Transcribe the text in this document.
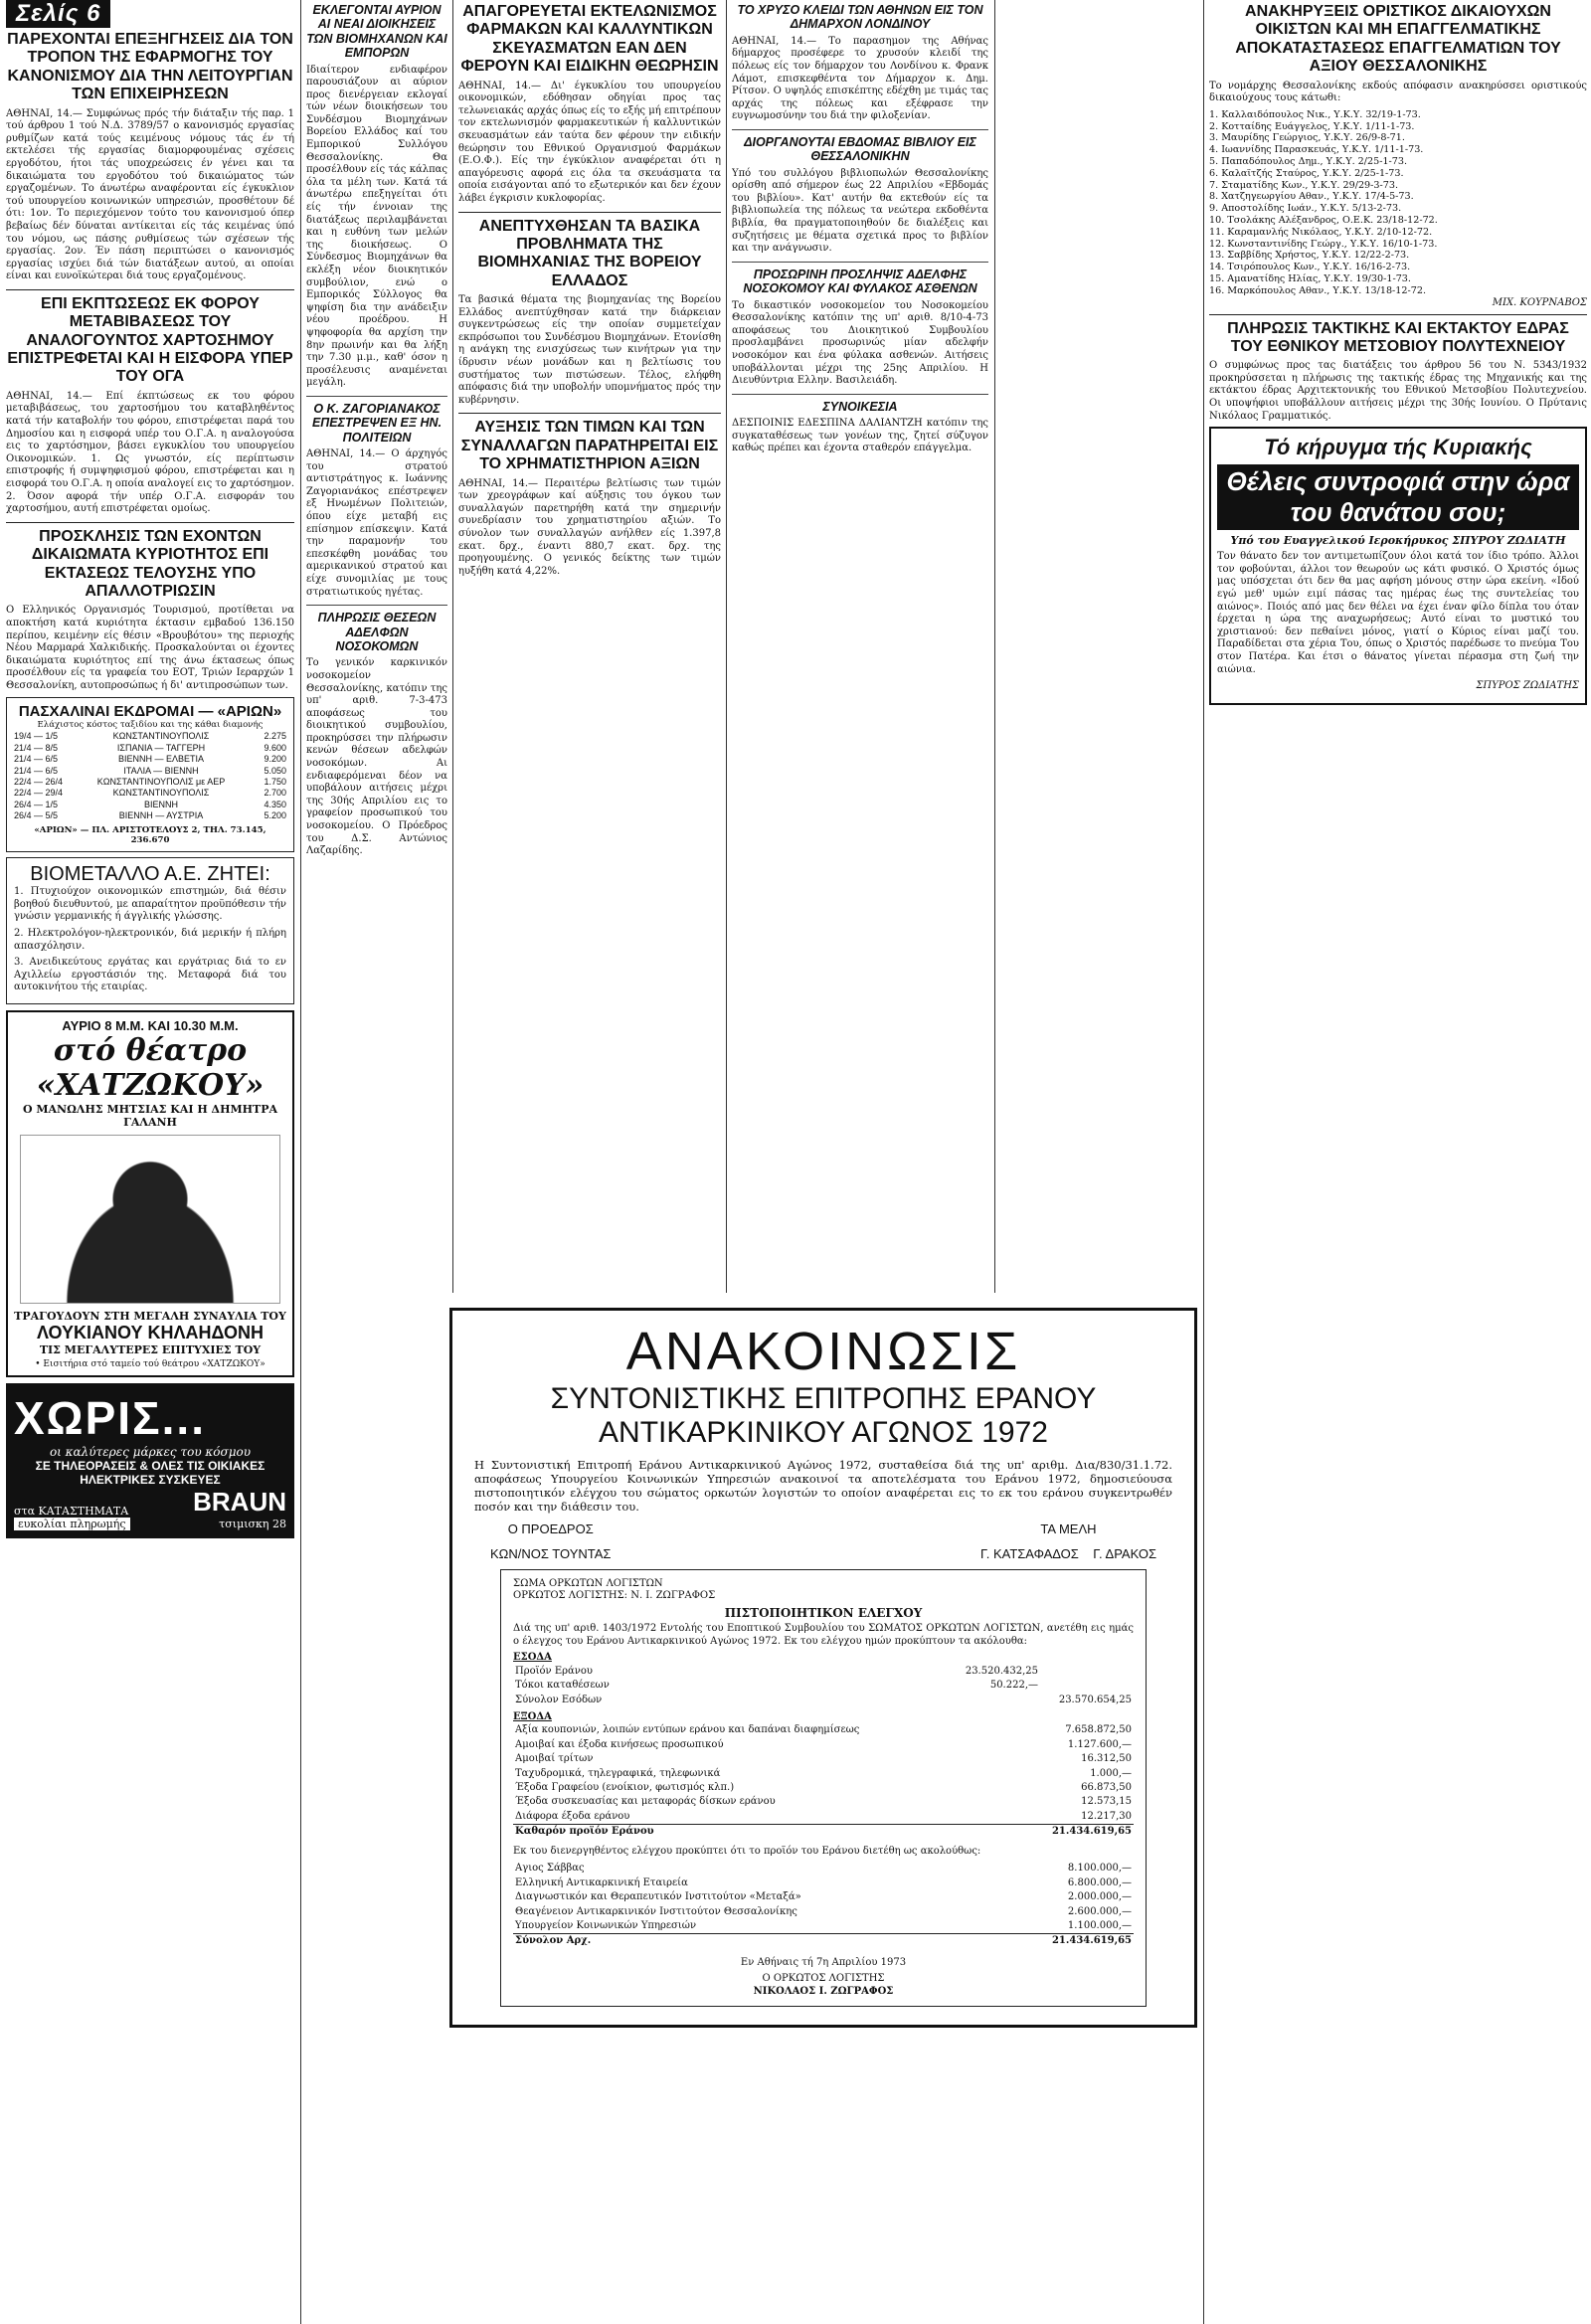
Σελίς 6
ΠΑΡΕΧΟΝΤΑΙ ΕΠΕΞΗΓΗΣΕΙΣ ΔΙΑ ΤΟΝ ΤΡΟΠΟΝ ΤΗΣ ΕΦΑΡΜΟΓΗΣ ΤΟΥ ΚΑΝΟΝΙΣΜΟΥ ΔΙΑ ΤΗΝ ΛΕΙΤΟΥΡΓΙΑΝ ΤΩΝ ΕΠΙΧΕΙΡΗΣΕΩΝ

ΑΘΗΝΑΙ, 14.— Συμφώνως πρός τήν διάταξιν τής παρ. 1 τού άρθρου 1 τού Ν.Δ. 3789/57 ο κανονισμός εργασίας ρυθμίζων κατά τούς κειμένους νόμους τάς έν τή εκτελέσει τής εργασίας διαμορφουμένας σχέσεις εργοδότου, ήτοι τάς υποχρεώσεις έν γένει και τα δικαιώματα του εργοδότου τού δικαιώματος τών εργαζομένων. Το άνωτέρω αναφέρονται είς έγκυκλιον τού υπουργείου κοινωνικών υπηρεσιών, προσθέτουν δέ ότι: 1ον. Το περιεχόμενον τούτο του κανονισμού όπερ βεβαίως δέν δύναται αντίκειται είς τάς κειμένας ύπό του νόμου, ως πάσης ρυθμίσεως τών σχέσεων τής εργασίας. 2ον. Έν πάση περιπτώσει ο κανονισμός εργασίας ισχύει διά τών διατάξεων αυτού, αι οποίαι είναι και ευνοϊκώτεραι διά τους εργαζομένους.

ΕΠΙ ΕΚΠΤΩΣΕΩΣ ΕΚ ΦΟΡΟΥ ΜΕΤΑΒΙΒΑΣΕΩΣ ΤΟΥ ΑΝΑΛΟΓΟΥΝΤΟΣ ΧΑΡΤΟΣΗΜΟΥ ΕΠΙΣΤΡΕΦΕΤΑΙ ΚΑΙ Η ΕΙΣΦΟΡΑ ΥΠΕΡ ΤΟΥ ΟΓΑ

ΑΘΗΝΑΙ, 14.— Επί έκπτώσεως εκ του φόρου μεταβιβάσεως, του χαρτοσήμου του καταβληθέντος κατά τήν καταβολήν του φόρου, επιστρέφεται παρά του Δημοσίου και η εισφορά υπέρ του Ο.Γ.Α. η αναλογούσα εις το χαρτόσημον, βάσει εγκυκλίου του υπουργείου Οικονομικών. 1. Ως γνωστόν, είς περίπτωσιν επιστροφής ή συμψηφισμού φόρου, επιστρέφεται και η εισφορά του Ο.Γ.Α. η οποία αναλογεί εις το χαρτόσημον. 2. Όσον αφορά τήν υπέρ Ο.Γ.Α. εισφοράν του χαρτοσήμου, αυτή επιστρέφεται ομοίως.

ΠΡΟΣΚΛΗΣΙΣ ΤΩΝ ΕΧΟΝΤΩΝ ΔΙΚΑΙΩΜΑΤΑ ΚΥΡΙΟΤΗΤΟΣ ΕΠΙ ΕΚΤΑΣΕΩΣ ΤΕΛΟΥΣΗΣ ΥΠΟ ΑΠΑΛΛΟΤΡΙΩΣΙΝ

Ο Ελληνικός Οργανισμός Τουρισμού, προτίθεται να αποκτήση κατά κυριότητα έκτασιν εμβαδού 136.150 περίπου, κειμένην είς θέσιν «Βρουβότου» της περιοχής Νέου Μαρμαρά Χαλκιδικής. Προσκαλούνται οι έχοντες δικαιώματα κυριότητος επί της άνω έκτασεως όπως προσέλθουν είς τα γραφεία του ΕΟΤ, Τριών Ιεραρχών 1 Θεσσαλονίκη, αυτοπροσώπως ή δι' αντιπροσώπων των.

ΠΑΣΧΑΛΙΝΑΙ ΕΚΔΡΟΜΑΙ — «ΑΡΙΩΝ»
Ελάχιστος κόστος ταξιδίου και της κάθαι διαμονής
19/4 — 1/5	ΚΩΝΣΤΑΝΤΙΝΟΥΠΟΛΙΣ	2.275
21/4 — 8/5	ΙΣΠΑΝΙΑ — ΤΑΓΓΕΡΗ	9.600
21/4 — 6/5	ΒΙΕΝΝΗ — ΕΛΒΕΤΙΑ	9.200
21/4 — 6/5	ΙΤΑΛΙΑ — ΒΙΕΝΝΗ	5.050
22/4 — 26/4	ΚΩΝΣΤΑΝΤΙΝΟΥΠΟΛΙΣ με ΑΕΡ	1.750
22/4 — 29/4	ΚΩΝΣΤΑΝΤΙΝΟΥΠΟΛΙΣ	2.700
26/4 — 1/5	ΒΙΕΝΝΗ	4.350
26/4 — 5/5	ΒΙΕΝΝΗ — ΑΥΣΤΡΙΑ	5.200
«ΑΡΙΩΝ» — ΠΛ. ΑΡΙΣΤΟΤΕΛΟΥΣ 2, ΤΗΛ. 73.145, 236.670
ΒΙΟΜΕΤΑΛΛΟ Α.Ε. ΖΗΤΕΙ:

1. Πτυχιούχον οικονομικών επιστημών, διά θέσιν βοηθού διευθυντού, με απαραίτητον προϋπόθεσιν τήν γνώσιν γερμανικής ή άγγλικής γλώσσης.

2. Ηλεκτρολόγον-ηλεκτρονικόν, διά μερικήν ή πλήρη απασχόλησιν.

3. Ανειδικεύτους εργάτας και εργάτριας διά το εν Αχιλλείω εργοστάσιόν της. Μεταφορά διά του αυτοκινήτου τής εταιρίας.

ΑΥΡΙΟ 8 Μ.Μ. ΚΑΙ 10.30 Μ.Μ.
στό θέατρο «ΧΑΤΖΩΚΟΥ»
Ο ΜΑΝΩΛΗΣ ΜΗΤΣΙΑΣ ΚΑΙ Η ΔΗΜΗΤΡΑ ΓΑΛΑΝΗ
ΤΡΑΓΟΥΔΟΥΝ ΣΤΗ ΜΕΓΑΛΗ ΣΥΝΑΥΛΙΑ ΤΟΥ
ΛΟΥΚΙΑΝΟΥ ΚΗΛΑΗΔΟΝΗ
ΤΙΣ ΜΕΓΑΛΥΤΕΡΕΣ ΕΠΙΤΥΧΙΕΣ ΤΟΥ
• Εισιτήρια στό ταμείο τού θεάτρου «ΧΑΤΖΩΚΟΥ»
ΧΩΡΙΣ...
οι καλύτερες μάρκες του κόσμου
ΣΕ ΤΗΛΕΟΡΑΣΕΙΣ & ΟΛΕΣ ΤΙΣ ΟΙΚΙΑΚΕΣ
ΗΛΕΚΤΡΙΚΕΣ ΣΥΣΚΕΥΕΣ
στα ΚΑΤΑΣΤΗΜΑΤΑ
ευκολίαι πληρωμής
BRAUN
τσιμισκη 28
ΕΚΛΕΓΟΝΤΑΙ ΑΥΡΙΟΝ ΑΙ ΝΕΑΙ ΔΙΟΙΚΗΣΕΙΣ ΤΩΝ ΒΙΟΜΗΧΑΝΩΝ ΚΑΙ ΕΜΠΟΡΩΝ

Ιδιαίτερον ενδιαφέρον παρουσιάζουν αι αύριον προς διενέργειαν εκλογαί τών νέων διοικήσεων του Συνδέσμου Βιομηχάνων Βορείου Ελλάδος καί του Εμπορικού Συλλόγου Θεσσαλονίκης. Θα προσέλθουν είς τάς κάλπας όλα τα μέλη των. Κατά τά άνωτέρω επεξηγείται ότι είς τήν έννοιαν της διατάξεως περιλαμβάνεται και η ευθύνη των μελών της διοικήσεως. Ο Σύνδεσμος Βιομηχάνων θα εκλέξη νέον διοικητικόν συμβούλιον, ενώ ο Εμπορικός Σύλλογος θα ψηφίση δια την ανάδειξιν νέου προέδρου. Η ψηφοφορία θα αρχίση την 8ην πρωινήν και θα λήξη την 7.30 μ.μ., καθ' όσον η προσέλευσις αναμένεται μεγάλη.

Ο Κ. ΖΑΓΟΡΙΑΝΑΚΟΣ ΕΠΕΣΤΡΕΨΕΝ ΕΞ ΗΝ. ΠΟΛΙΤΕΙΩΝ

ΑΘΗΝΑΙ, 14.— Ο άρχηγός του στρατού αντιστράτηγος κ. Ιωάννης Ζαγοριανάκος επέστρεψεν εξ Ηνωμένων Πολιτειών, όπου είχε μεταβή εις επίσημον επίσκεψιν. Κατά την παραμονήν του επεσκέφθη μονάδας του αμερικανικού στρατού και είχε συνομιλίας με τους στρατιωτικούς ηγέτας.

ΠΛΗΡΩΣΙΣ ΘΕΣΕΩΝ ΑΔΕΛΦΩΝ ΝΟΣΟΚΟΜΩΝ

Το γενικόν καρκινικόν νοσοκομείον Θεσσαλονίκης, κατόπιν της υπ' αριθ. 7-3-473 αποφάσεως του διοικητικού συμβουλίου, προκηρύσσει την πλήρωσιν κενών θέσεων αδελφών νοσοκόμων. Αι ενδιαφερόμεναι δέον να υποβάλουν αιτήσεις μέχρι της 30ής Απριλίου εις το γραφείον προσωπικού του νοσοκομείου. Ο Πρόεδρος του Δ.Σ. Αντώνιος Λαζαρίδης.

ΑΠΑΓΟΡΕΥΕΤΑΙ ΕΚΤΕΛΩΝΙΣΜΟΣ ΦΑΡΜΑΚΩΝ ΚΑΙ ΚΑΛΛΥΝΤΙΚΩΝ ΣΚΕΥΑΣΜΑΤΩΝ ΕΑΝ ΔΕΝ ΦΕΡΟΥΝ ΚΑΙ ΕΙΔΙΚΗΝ ΘΕΩΡΗΣΙΝ

ΑΘΗΝΑΙ, 14.— Δι' έγκυκλίου του υπουργείου οικονομικών, εδόθησαν οδηγίαι προς τας τελωνειακάς αρχάς όπως είς το εξής μή επιτρέπουν τον εκτελωνισμόν φαρμακευτικών ή καλλυντικών σκευασμάτων εάν ταύτα δεν φέρουν την ειδικήν θεώρησιν του Εθνικού Οργανισμού Φαρμάκων (Ε.Ο.Φ.). Είς την έγκύκλιον αναφέρεται ότι η απαγόρευσις αφορά εις όλα τα σκευάσματα τα οποία εισάγονται από το εξωτερικόν και δεν έχουν λάβει έγκρισιν κυκλοφορίας.

ΑΝΕΠΤΥΧΘΗΣΑΝ ΤΑ ΒΑΣΙΚΑ ΠΡΟΒΛΗΜΑΤΑ ΤΗΣ ΒΙΟΜΗΧΑΝΙΑΣ ΤΗΣ ΒΟΡΕΙΟΥ ΕΛΛΑΔΟΣ

Τα βασικά θέματα της βιομηχανίας της Βορείου Ελλάδος ανεπτύχθησαν κατά την διάρκειαν συγκεντρώσεως είς την οποίαν συμμετείχαν εκπρόσωποι του Συνδέσμου Βιομηχάνων. Ετονίσθη η ανάγκη της ενισχύσεως των κινήτρων για την ίδρυσιν νέων μονάδων και η βελτίωσις του συστήματος των πιστώσεων. Τέλος, ελήφθη απόφασις διά την υποβολήν υπομνήματος πρός την κυβέρνησιν.

ΑΥΞΗΣΙΣ ΤΩΝ ΤΙΜΩΝ ΚΑΙ ΤΩΝ ΣΥΝΑΛΛΑΓΩΝ ΠΑΡΑΤΗΡΕΙΤΑΙ ΕΙΣ ΤΟ ΧΡΗΜΑΤΙΣΤΗΡΙΟΝ ΑΞΙΩΝ

ΑΘΗΝΑΙ, 14.— Περαιτέρω βελτίωσις των τιμών των χρεογράφων καί αύξησις του όγκου των συναλλαγών παρετηρήθη κατά την σημερινήν συνεδρίασιν του χρηματιστηρίου αξιών. Το σύνολον των συναλλαγών ανήλθεν είς 1.397,8 εκατ. δρχ., έναντι 880,7 εκατ. δρχ. της προηγουμένης. Ο γενικός δείκτης των τιμών ηυξήθη κατά 4,22%.

ΤΟ ΧΡΥΣΟ ΚΛΕΙΔΙ ΤΩΝ ΑΘΗΝΩΝ ΕΙΣ ΤΟΝ ΔΗΜΑΡΧΟΝ ΛΟΝΔΙΝΟΥ

ΑΘΗΝΑΙ, 14.— Το παρασημον της Αθήνας δήμαρχος προσέφερε το χρυσούν κλειδί της πόλεως είς τον δήμαρχον του Λονδίνου κ. Φρανκ Λάμοτ, επισκεφθέντα τον Δήμαρχον κ. Δημ. Ρίτσον. Ο υψηλός επισκέπτης εδέχθη με τιμάς τας αρχάς της πόλεως και εξέφρασε την ευγνωμοσύνην του διά την φιλοξενίαν.

ΔΙΟΡΓΑΝΟΥΤΑΙ ΕΒΔΟΜΑΣ ΒΙΒΛΙΟΥ ΕΙΣ ΘΕΣΣΑΛΟΝΙΚΗΝ

Υπό του συλλόγου βιβλιοπωλών Θεσσαλονίκης ορίσθη από σήμερον έως 22 Απριλίου «Εβδομάς του βιβλίου». Κατ' αυτήν θα εκτεθούν είς τα βιβλιοπωλεία της πόλεως τα νεώτερα εκδοθέντα βιβλία, θα πραγματοποιηθούν δε διαλέξεις και συζητήσεις με θέματα σχετικά προς το βιβλίον και την ανάγνωσιν.

ΠΡΟΣΩΡΙΝΗ ΠΡΟΣΛΗΨΙΣ ΑΔΕΛΦΗΣ ΝΟΣΟΚΟΜΟΥ ΚΑΙ ΦΥΛΑΚΟΣ ΑΣΘΕΝΩΝ

Το δικαστικόν νοσοκομείον του Νοσοκομείου Θεσσαλονίκης κατόπιν της υπ' αριθ. 8/10-4-73 αποφάσεως του Διοικητικού Συμβουλίου προσλαμβάνει προσωρινώς μίαν αδελφήν νοσοκόμον και ένα φύλακα ασθενών. Αιτήσεις υποβάλλονται μέχρι της 25ης Απριλίου. Η Διευθύντρια Ελλην. Βασιλειάδη.

ΣΥΝΟΙΚΕΣΙΑ

ΔΕΣΠΟΙΝΙΣ ΕΔΕΣΠΙΝΑ ΔΑΛΙΑΝΤΖΗ κατόπιν της συγκαταθέσεως των γονέων της, ζητεί σύζυγον καθώς πρέπει και έχοντα σταθερόν επάγγελμα.

ΑΝΑΚΟΙΝΩΣΙΣ
ΣΥΝΤΟΝΙΣΤΙΚΗΣ ΕΠΙΤΡΟΠΗΣ ΕΡΑΝΟΥ ΑΝΤΙΚΑΡΚΙΝΙΚΟΥ ΑΓΩΝΟΣ 1972

Η Συντονιστική Επιτροπή Εράνου Αντικαρκινικού Αγώνος 1972, συσταθείσα διά της υπ' αριθμ. Δια/830/31.1.72. αποφάσεως Υπουργείου Κοινωνικών Υπηρεσιών ανακοινοί τα αποτελέσματα του Εράνου 1972, δημοσιεύουσα πιστοποιητικόν ελέγχου του σώματος ορκωτών λογιστών το οποίον αναφέρεται εις το εκ του εράνου συγκεντρωθέν ποσόν και την διάθεσιν του.

Ο ΠΡΟΕΔΡΟΣ
ΚΩΝ/ΝΟΣ ΤΟΥΝΤΑΣ
ΤΑ ΜΕΛΗ
Γ. ΚΑΤΣΑΦΑΔΟΣ Γ. ΔΡΑΚΟΣ
ΣΩΜΑ ΟΡΚΩΤΩΝ ΛΟΓΙΣΤΩΝ
ΟΡΚΩΤΟΣ ΛΟΓΙΣΤΗΣ: Ν. Ι. ΖΩΓΡΑΦΟΣ
ΠΙΣΤΟΠΟΙΗΤΙΚΟΝ ΕΛΕΓΧΟΥ

Διά της υπ' αριθ. 1403/1972 Εντολής του Εποπτικού Συμβουλίου του ΣΩΜΑΤΟΣ ΟΡΚΩΤΩΝ ΛΟΓΙΣΤΩΝ, ανετέθη εις ημάς ο έλεγχος του Εράνου Αντικαρκινικού Αγώνος 1972. Εκ του ελέγχου ημών προκύπτουν τα ακόλουθα:

ΕΣΟΔΑ
Προϊόν Εράνου	23.520.432,25	
Τόκοι καταθέσεων	50.222,—	
Σύνολον Εσόδων		23.570.654,25
ΕΞΟΔΑ
Αξία κουπονιών, λοιπών εντύπων εράνου και δαπάναι διαφημίσεως	7.658.872,50
Αμοιβαί και έξοδα κινήσεως προσωπικού	1.127.600,—
Αμοιβαί τρίτων	16.312,50
Ταχυδρομικά, τηλεγραφικά, τηλεφωνικά	1.000,—
Έξοδα Γραφείου (ενοίκιον, φωτισμός κλπ.)	66.873,50
Έξοδα συσκευασίας και μεταφοράς δίσκων εράνου	12.573,15
Διάφορα έξοδα εράνου	12.217,30
Καθαρόν προϊόν Εράνου	21.434.619,65

Εκ του διενεργηθέντος ελέγχου προκύπτει ότι το προϊόν του Εράνου διετέθη ως ακολούθως:

Αγιος Σάββας	8.100.000,—
Ελληνική Αντικαρκινική Εταιρεία	6.800.000,—
Διαγνωστικόν και Θεραπευτικόν Ινστιτούτον «Μεταξά»	2.000.000,—
Θεαγένειον Αντικαρκινικόν Ινστιτούτον Θεσσαλονίκης	2.600.000,—
Υπουργείον Κοινωνικών Υπηρεσιών	1.100.000,—
Σύνολον Αρχ.	21.434.619,65
Εν Αθήναις τή 7η Απριλίου 1973
Ο ΟΡΚΩΤΟΣ ΛΟΓΙΣΤΗΣ
ΝΙΚΟΛΑΟΣ Ι. ΖΩΓΡΑΦΟΣ
ΑΝΑΚΗΡΥΞΕΙΣ ΟΡΙΣΤΙΚΟΣ ΔΙΚΑΙΟΥΧΩΝ ΟΙΚΙΣΤΩΝ ΚΑΙ ΜΗ ΕΠΑΓΓΕΛΜΑΤΙΚΗΣ ΑΠΟΚΑΤΑΣΤΑΣΕΩΣ ΕΠΑΓΓΕΛΜΑΤΙΩΝ ΤΟΥ ΑΞΙΟΥ ΘΕΣΣΑΛΟΝΙΚΗΣ

Το νομάρχης Θεσσαλονίκης εκδούς απόφασιν ανακηρύσσει οριστικούς δικαιούχους τους κάτωθι:

1. Καλλαιδόπουλος Νικ., Υ.Κ.Υ. 32/19-1-73.
2. Κοτταίδης Ευάγγελος, Υ.Κ.Υ. 1/11-1-73.
3. Μαυρίδης Γεώργιος, Υ.Κ.Υ. 26/9-8-71.
4. Ιωαννίδης Παρασκευάς, Υ.Κ.Υ. 1/11-1-73.
5. Παπαδόπουλος Δημ., Υ.Κ.Υ. 2/25-1-73.
6. Καλαϊτζής Σταύρος, Υ.Κ.Υ. 2/25-1-73.
7. Σταματίδης Κων., Υ.Κ.Υ. 29/29-3-73.
8. Χατζηγεωργίου Αθαν., Υ.Κ.Υ. 17/4-5-73.
9. Αποστολίδης Ιωάν., Υ.Κ.Υ. 5/13-2-73.
10. Τσολάκης Αλέξανδρος, Ο.Ε.Κ. 23/18-12-72.
11. Καραμανλής Νικόλαος, Υ.Κ.Υ. 2/10-12-72.
12. Κωνσταντινίδης Γεώργ., Υ.Κ.Υ. 16/10-1-73.
13. Σαββίδης Χρήστος, Υ.Κ.Υ. 12/22-2-73.
14. Τσιρόπουλος Κων., Υ.Κ.Υ. 16/16-2-73.
15. Αμανατίδης Ηλίας, Υ.Κ.Υ. 19/30-1-73.
16. Μαρκόπουλος Αθαν., Υ.Κ.Υ. 13/18-12-72.
ΜΙΧ. ΚΟΥΡΝΑΒΟΣ
ΠΛΗΡΩΣΙΣ ΤΑΚΤΙΚΗΣ ΚΑΙ ΕΚΤΑΚΤΟΥ ΕΔΡΑΣ ΤΟΥ ΕΘΝΙΚΟΥ ΜΕΤΣΟΒΙΟΥ ΠΟΛΥΤΕΧΝΕΙΟΥ

Ο συμφώνως προς τας διατάξεις του άρθρου 56 του Ν. 5343/1932 προκηρύσσεται η πλήρωσις της τακτικής έδρας της Μηχανικής και της εκτάκτου έδρας Αρχιτεκτονικής του Εθνικού Μετσοβίου Πολυτεχνείου. Οι υποψήφιοι υποβάλλουν αιτήσεις μέχρι της 30ής Ιουνίου. Ο Πρύτανις Νικόλαος Γραμματικός.

Τό κήρυγμα τής Κυριακής
Θέλεις συντροφιά στην ώρα του θανάτου σου;
Υπό του Ευαγγελικού Ιεροκήρυκος ΣΠΥΡΟΥ ΖΩΔΙΑΤΗ

Τον θάνατο δεν τον αντιμετωπίζουν όλοι κατά τον ίδιο τρόπο. Άλλοι τον φοβούνται, άλλοι τον θεωρούν ως κάτι φυσικό. Ο Χριστός όμως μας υπόσχεται ότι δεν θα μας αφήση μόνους στην ώρα εκείνη. «Ιδού εγώ μεθ' υμών ειμί πάσας τας ημέρας έως της συντελείας του αιώνος». Ποιός από μας δεν θέλει να έχει έναν φίλο δίπλα του όταν έρχεται η ώρα της αναχωρήσεως; Αυτό είναι το μυστικό του χριστιανού: δεν πεθαίνει μόνος, γιατί ο Κύριος είναι μαζί του. Παραδίδεται στα χέρια Του, όπως ο Χριστός παρέδωσε το πνεύμα Του στον Πατέρα. Και έτσι ο θάνατος γίνεται πέρασμα στη ζωή την αιώνια.

ΣΠΥΡΟΣ ΖΩΔΙΑΤΗΣ
